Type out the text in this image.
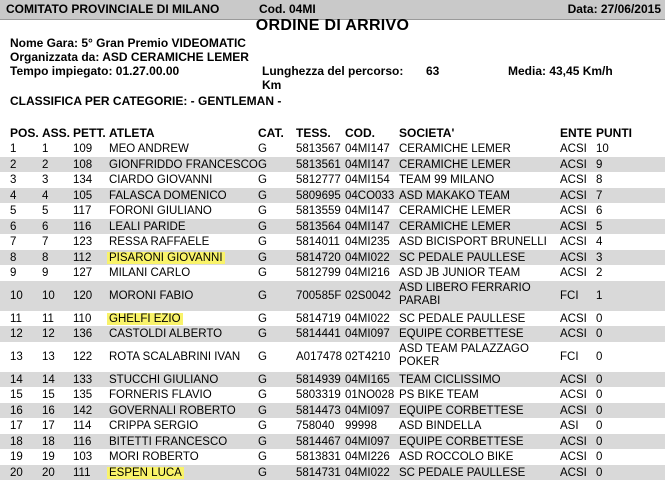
COMITATO PROVINCIALE DI MILANO	Cod. 04MI	Data: 27/06/2015
ORDINE DI ARRIVO
Nome Gara: 5° Gran Premio VIDEOMATIC
Organizzata da: ASD CERAMICHE LEMER
Tempo impiegato: 01.27.00.00	Lunghezza del percorso: 63
Km
Media: 43,45 Km/h
CLASSIFICA PER CATEGORIE: - GENTLEMAN -
POS. ASS. PETT. ATLETA	CAT. TESS. COD. SOCIETA'	ENTE PUNTI
1 1 109 MEO ANDREW	G	5813567 04MI147 CERAMICHE LEMER	ACSI 10
2 2 108 GIONFRIDDO FRANCESCO G	5813561 04MI147 CERAMICHE LEMER	ACSI 9
3 3 134 CIARDO GIOVANNI	G	5812777 04MI154 TEAM 99 MILANO	ACSI 8
4 4 105 FALASCA DOMENICO	G	5809695 04CO033 ASD MAKAKO TEAM	ACSI 7
5 5 117 FORONI GIULIANO	G	5813559 04MI147 CERAMICHE LEMER	ACSI 6
6 6 116 LEALI PARIDE	G	5813564 04MI147 CERAMICHE LEMER	ACSI 5
7 7 123 RESSA RAFFAELE	G	5814011 04MI235 ASD BICISPORT BRUNELLI ACSI 4
8 8 112 PISARONI GIOVANNI	G	5814720 04MI022 SC PEDALE PAULLESE	ACSI 3
9 9 127 MILANI CARLO	G	5812799 04MI216 ASD JB JUNIOR TEAM	ACSI 2
10 10 120 MORONI FABIO	G	700585F 02S0042
ASD LIBERO FERRARIO
PARABI	FCI 1
11 11 110 GHELFI EZIO	G	5814719 04MI022 SC PEDALE PAULLESE	ACSI 0
12 12 136 CASTOLDI ALBERTO	G	5814441 04MI097 EQUIPE CORBETTESE	ACSI 0
13 13 122 ROTA SCALABRINI IVAN G	A017478 02T4210
ASD TEAM PALAZZAGO
POKER	FCI 0
14 14 133 STUCCHI GIULIANO	G	5814939 04MI165 TEAM CICLISSIMO	ACSI 0
15 15 135 FORNERIS FLAVIO	G	5803319 01NO028 PS BIKE TEAM	ACSI 0
16 16 142 GOVERNALI ROBERTO G	5814473 04MI097 EQUIPE CORBETTESE	ACSI 0
17 17 114 CRIPPA SERGIO	G	758040 99998 ASD BINDELLA	ASI 0
18 18 116 BITETTI FRANCESCO	G	5814467 04MI097 EQUIPE CORBETTESE	ACSI 0
19 19 103 MORI ROBERTO	G	5813831 04MI226 ASD ROCCOLO BIKE	ACSI 0
20 20 111 ESPEN LUCA	G	5814731 04MI022 SC PEDALE PAULLESE	ACSI 0
